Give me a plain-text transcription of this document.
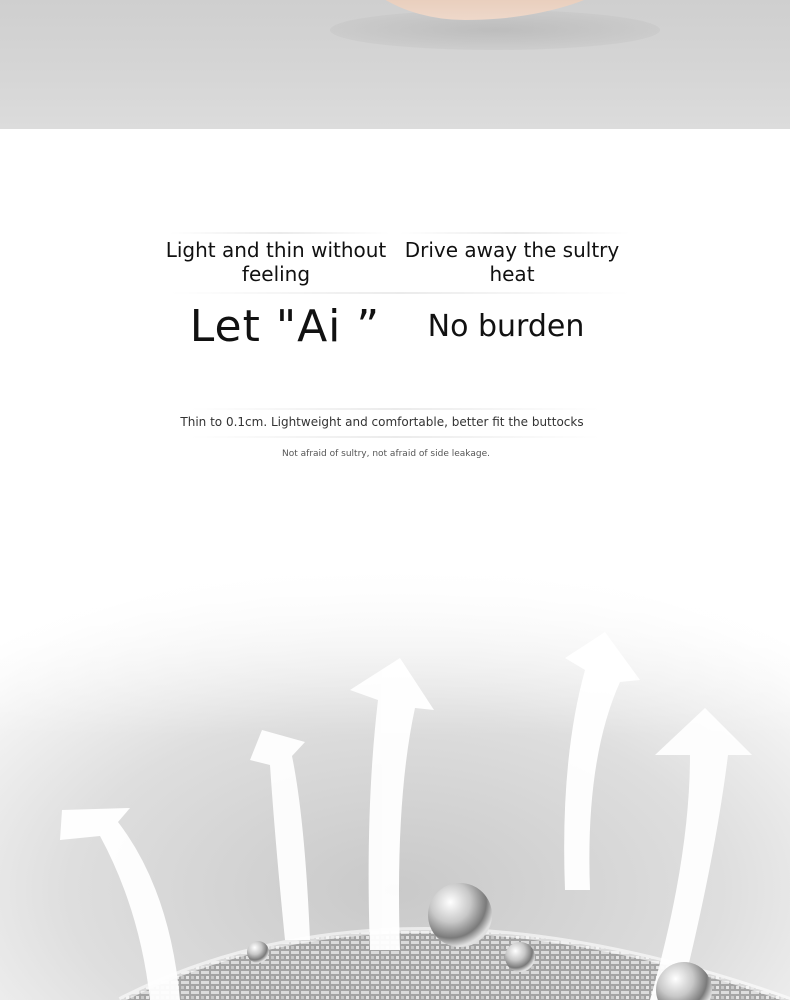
Light and thin without feeling
Drive away the sultry heat
Let "Ai ”	No burden
Thin to 0.1cm. Lightweight and comfortable, better fit the buttocks
Not afraid of sultry, not afraid of side leakage.
